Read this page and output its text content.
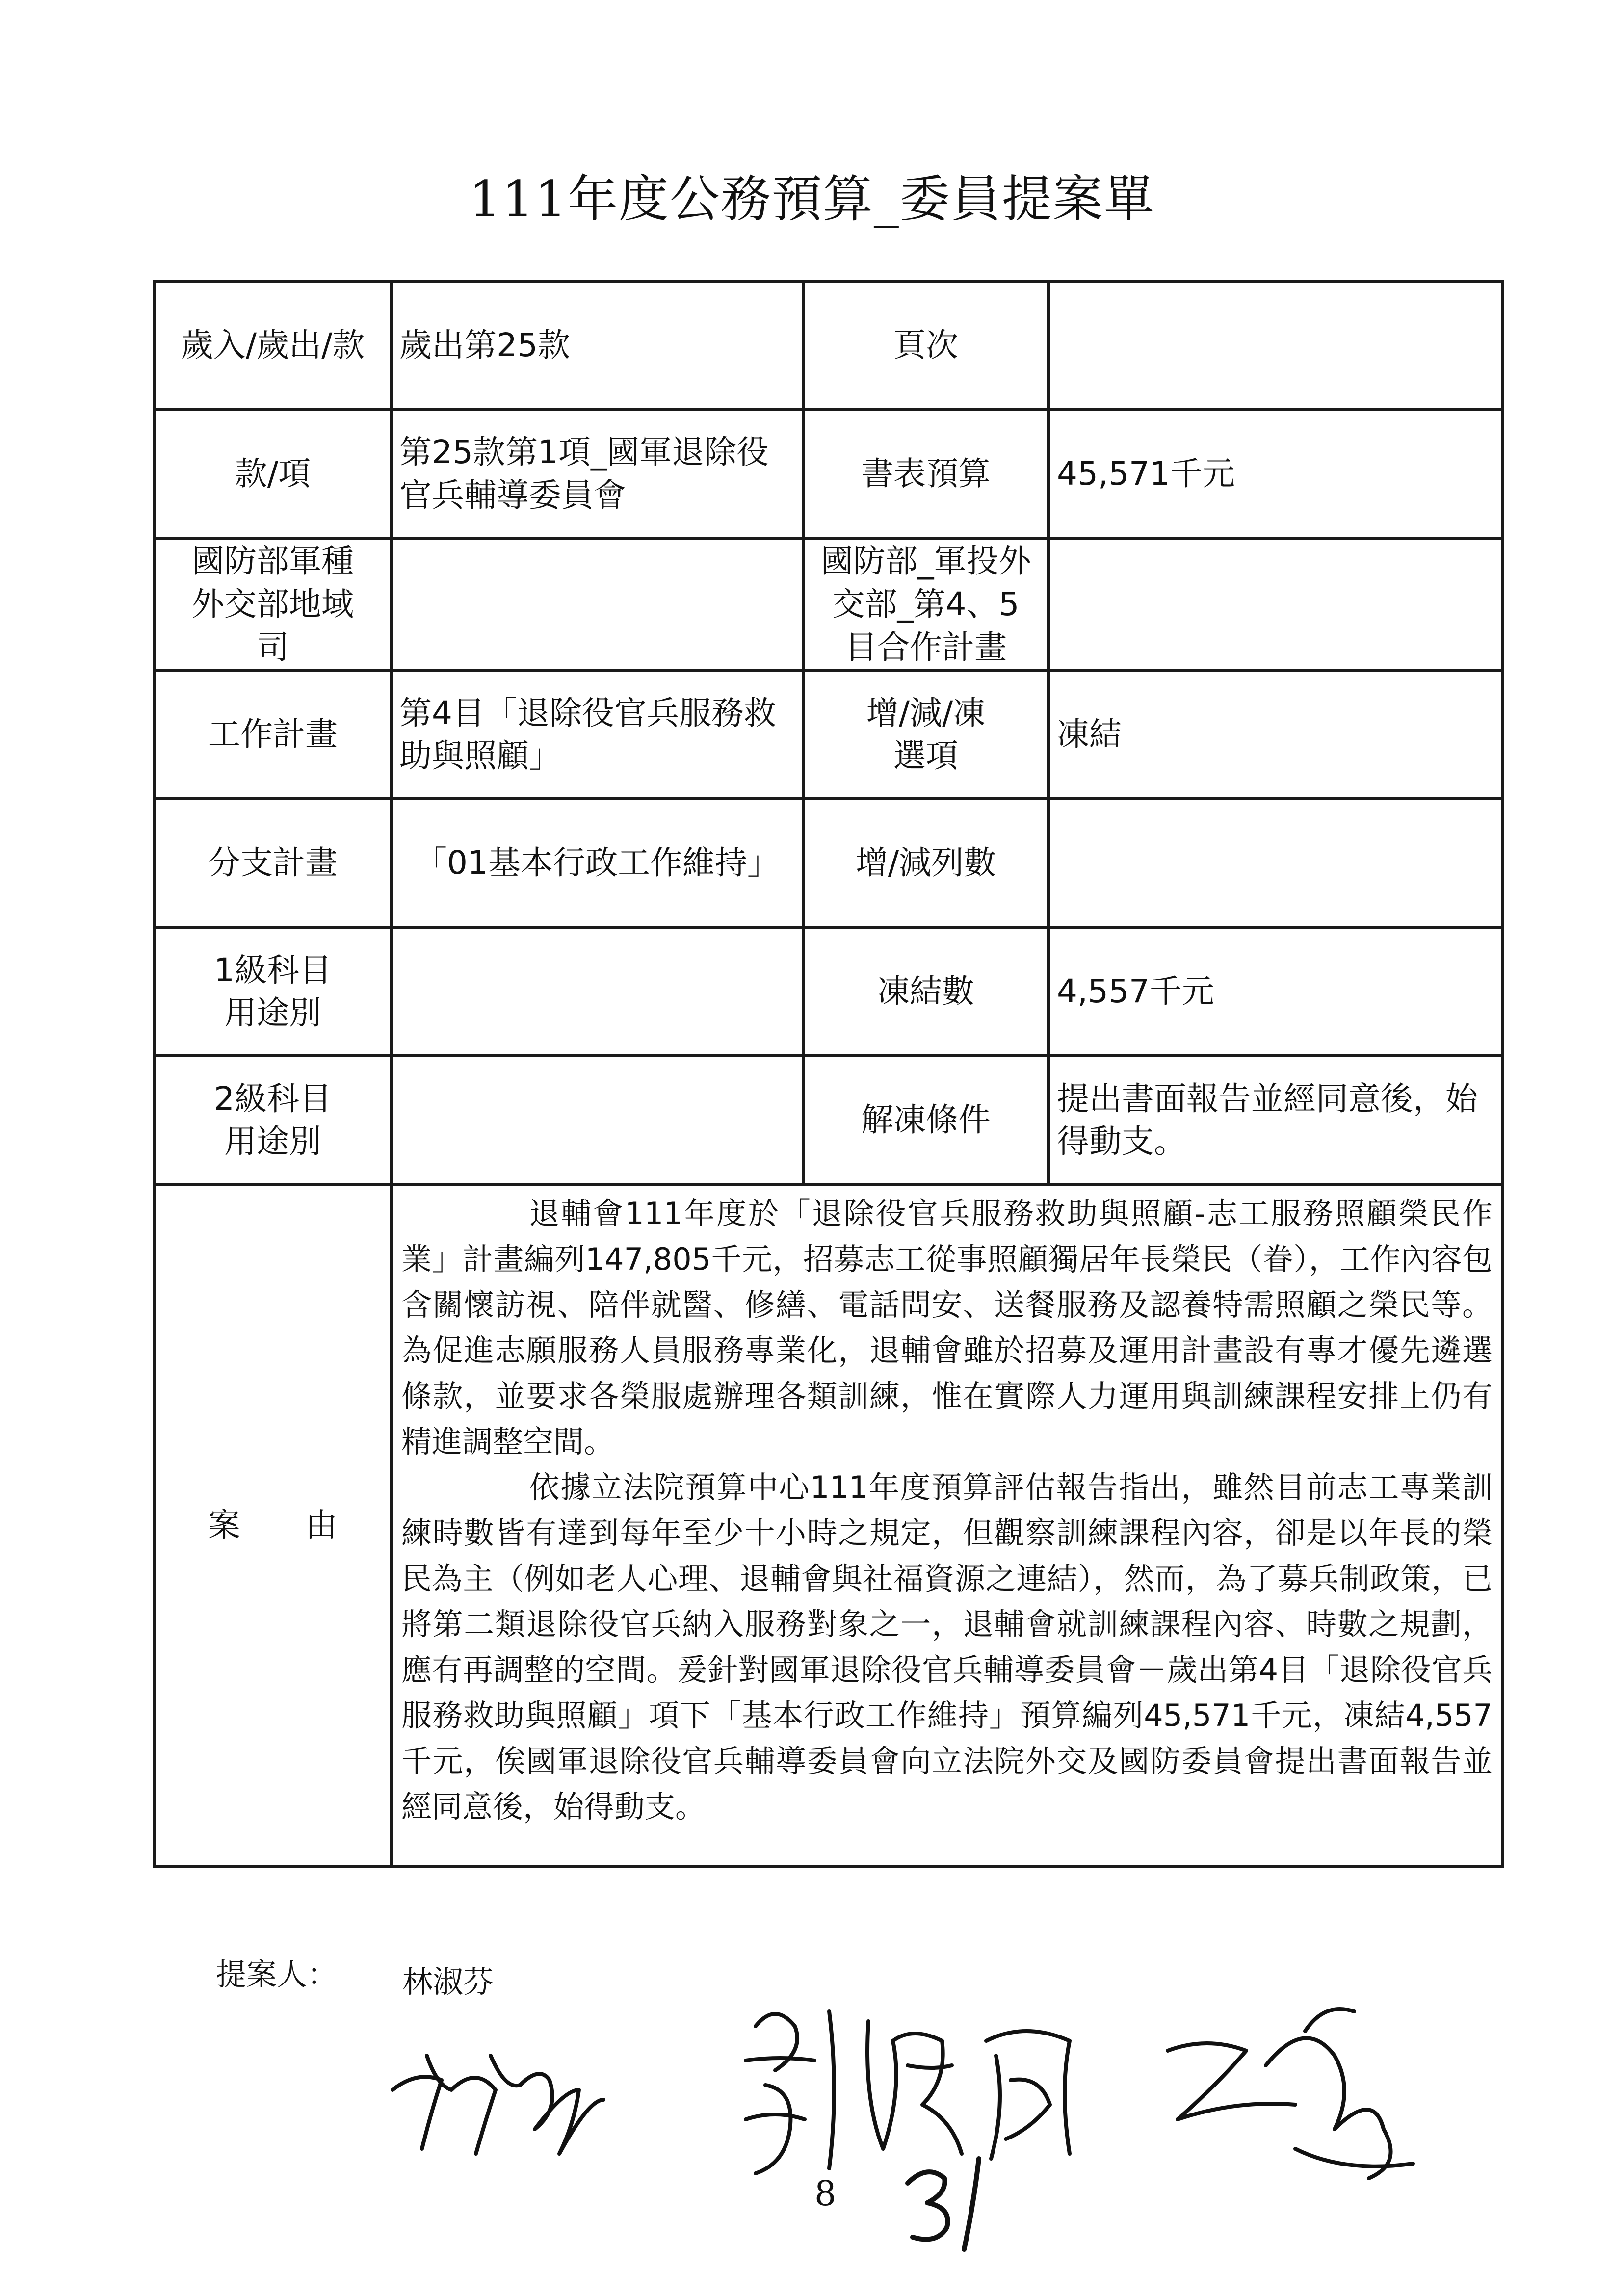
111年度公務預算_委員提案單
歲入/歲出/款	歲出第25款	頁次	
款/項	第25款第1項_國軍退除役官兵輔導委員會	書表預算	45,571千元
國防部軍種外交部地域司		國防部_軍投外交部_第4、5目合作計畫	
工作計畫	第4目「退除役官兵服務救助與照顧」	增/減/凍選項	凍結
分支計畫	「01基本行政工作維持」	增/減列數	
1級科目用途別		凍結數	4,557千元
2級科目用途別		解凍條件	提出書面報告並經同意後，始得動支。
案　　由	退輔會111年度於「退除役官兵服務救助與照顧-志工服務照顧榮民作業」計畫編列147,805千元，招募志工從事照顧獨居年長榮民（眷），工作內容包含關懷訪視、陪伴就醫、修繕、電話問安、送餐服務及認養特需照顧之榮民等。為促進志願服務人員服務專業化，退輔會雖於招募及運用計畫設有專才優先遴選條款，並要求各榮服處辦理各類訓練，惟在實際人力運用與訓練課程安排上仍有精進調整空間。

依據立法院預算中心111年度預算評估報告指出，雖然目前志工專業訓練時數皆有達到每年至少十小時之規定，但觀察訓練課程內容，卻是以年長的榮民為主（例如老人心理、退輔會與社福資源之連結），然而，為了募兵制政策，已將第二類退除役官兵納入服務對象之一，退輔會就訓練課程內容、時數之規劃，應有再調整的空間。爰針對國軍退除役官兵輔導委員會－歲出第4目「退除役官兵服務救助與照顧」項下「基本行政工作維持」預算編列45,571千元，凍結4,557千元，俟國軍退除役官兵輔導委員會向立法院外交及國防委員會提出書面報告並經同意後，始得動支。		

提案人： 林淑芬
8
